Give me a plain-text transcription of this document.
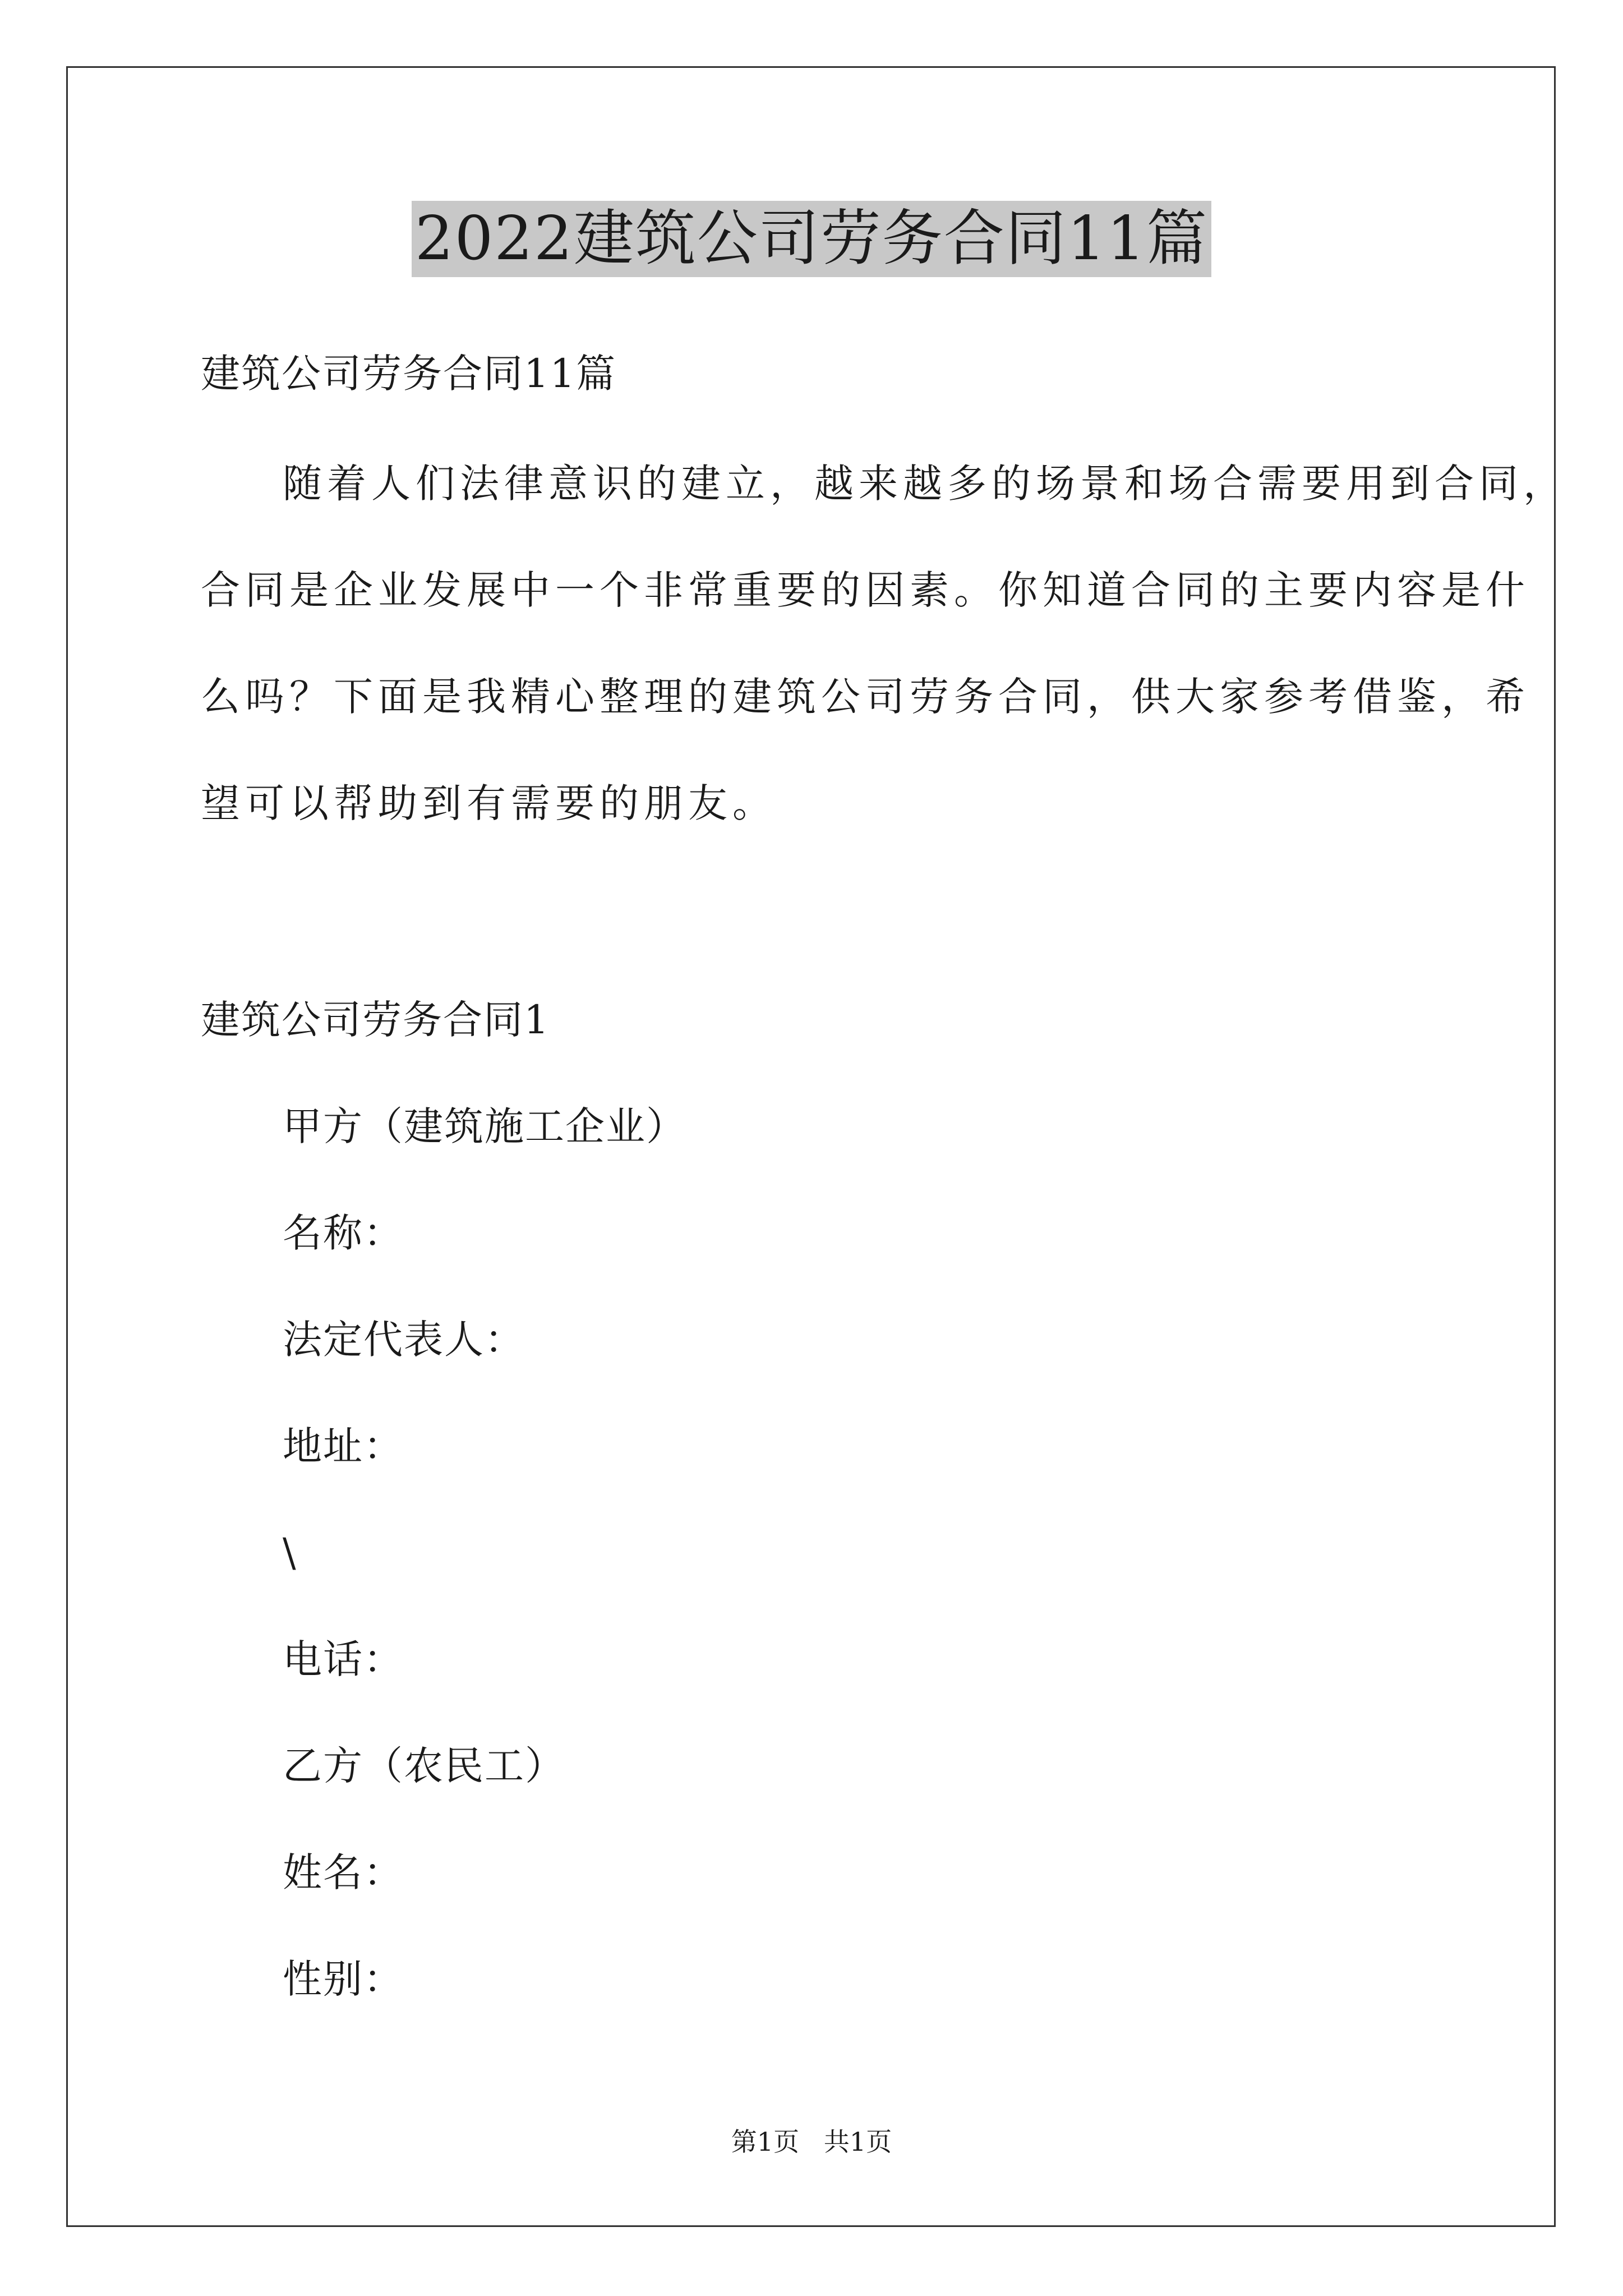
2022建筑公司劳务合同11篇

建筑公司劳务合同11篇

随着人们法律意识的建立，越来越多的场景和场合需要用到合同，
合同是企业发展中一个非常重要的因素。你知道合同的主要内容是什
么吗？下面是我精心整理的建筑公司劳务合同，供大家参考借鉴，希
望可以帮助到有需要的朋友。

建筑公司劳务合同1

甲方（建筑施工企业）

名称：

法定代表人：

地址：

\

电话：

乙方（农民工）

姓名：

性别：

第1页   共1页
